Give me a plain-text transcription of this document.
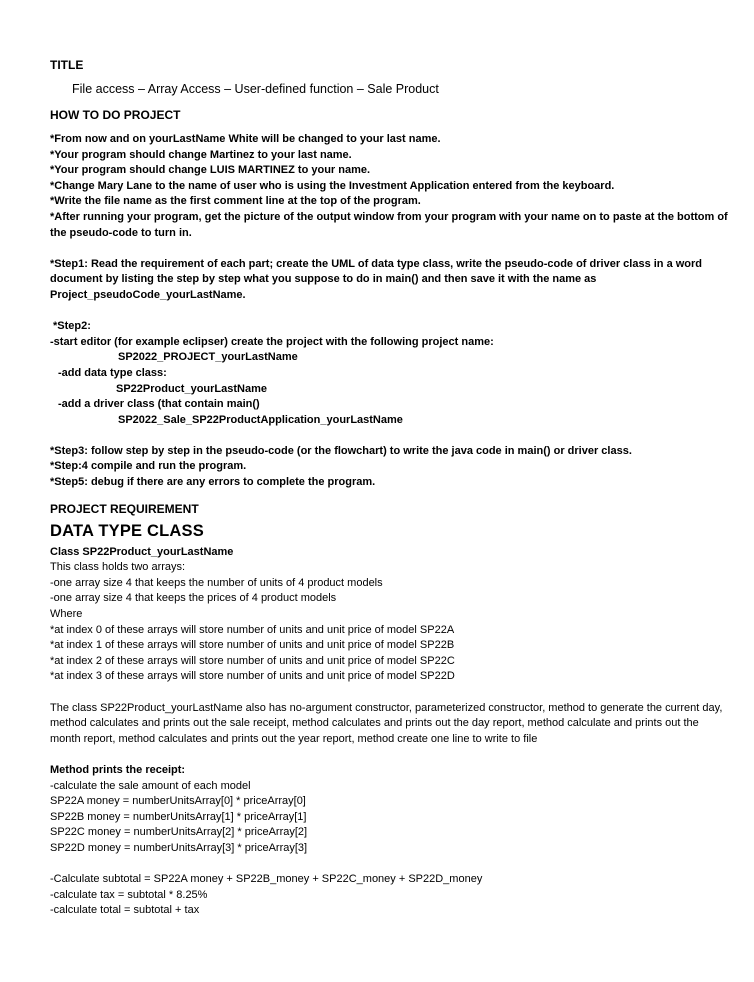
TITLE
File access – Array Access – User-defined function – Sale Product
HOW TO DO PROJECT
*From now and on yourLastName White will be changed to your last name.
*Your program should change Martinez to your last name.
*Your program should change LUIS MARTINEZ to your name.
*Change Mary Lane to the name of user who is using the Investment Application entered from the keyboard.
*Write the file name as the first comment line at the top of the program.
*After running your program, get the picture of the output window from your program with your name on to paste at the bottom of the pseudo-code to turn in.
*Step1: Read the requirement of each part; create the UML of data type class, write the pseudo-code of driver class in a word document by listing the step by step what you suppose to do in main() and then save it with the name as Project_pseudoCode_yourLastName.
*Step2:
-start editor (for example eclipser) create the project with the following project name:
SP2022_PROJECT_yourLastName
-add data type class:
SP22Product_yourLastName
-add a driver class (that contain main()
SP2022_Sale_SP22ProductApplication_yourLastName
*Step3: follow step by step in the pseudo-code (or the flowchart) to write the java code in main() or driver class.
*Step:4 compile and run the program.
*Step5: debug if there are any errors to complete the program.
PROJECT REQUIREMENT
DATA TYPE CLASS
Class SP22Product_yourLastName
This class holds two arrays:
-one array size 4 that keeps the number of units of 4 product models
-one array size 4 that keeps the prices of 4 product models
Where
*at index 0 of these arrays will store number of units and unit price of model SP22A
*at index 1 of these arrays will store number of units and unit price of model SP22B
*at index 2 of these arrays will store number of units and unit price of model SP22C
*at index 3 of these arrays will store number of units and unit price of model SP22D
The class SP22Product_yourLastName also has no-argument constructor, parameterized constructor, method to generate the current day, method calculates and prints out the sale receipt, method calculates and prints out the day report, method calculate and prints out the month report, method calculates and prints out the year report, method create one line to write to file
Method prints the receipt:
-calculate the sale amount of each model
SP22A money = numberUnitsArray[0] * priceArray[0]
SP22B money = numberUnitsArray[1] * priceArray[1]
SP22C money = numberUnitsArray[2] * priceArray[2]
SP22D money = numberUnitsArray[3] * priceArray[3]
-Calculate subtotal = SP22A money + SP22B_money + SP22C_money + SP22D_money
-calculate tax = subtotal * 8.25%
-calculate total = subtotal + tax
